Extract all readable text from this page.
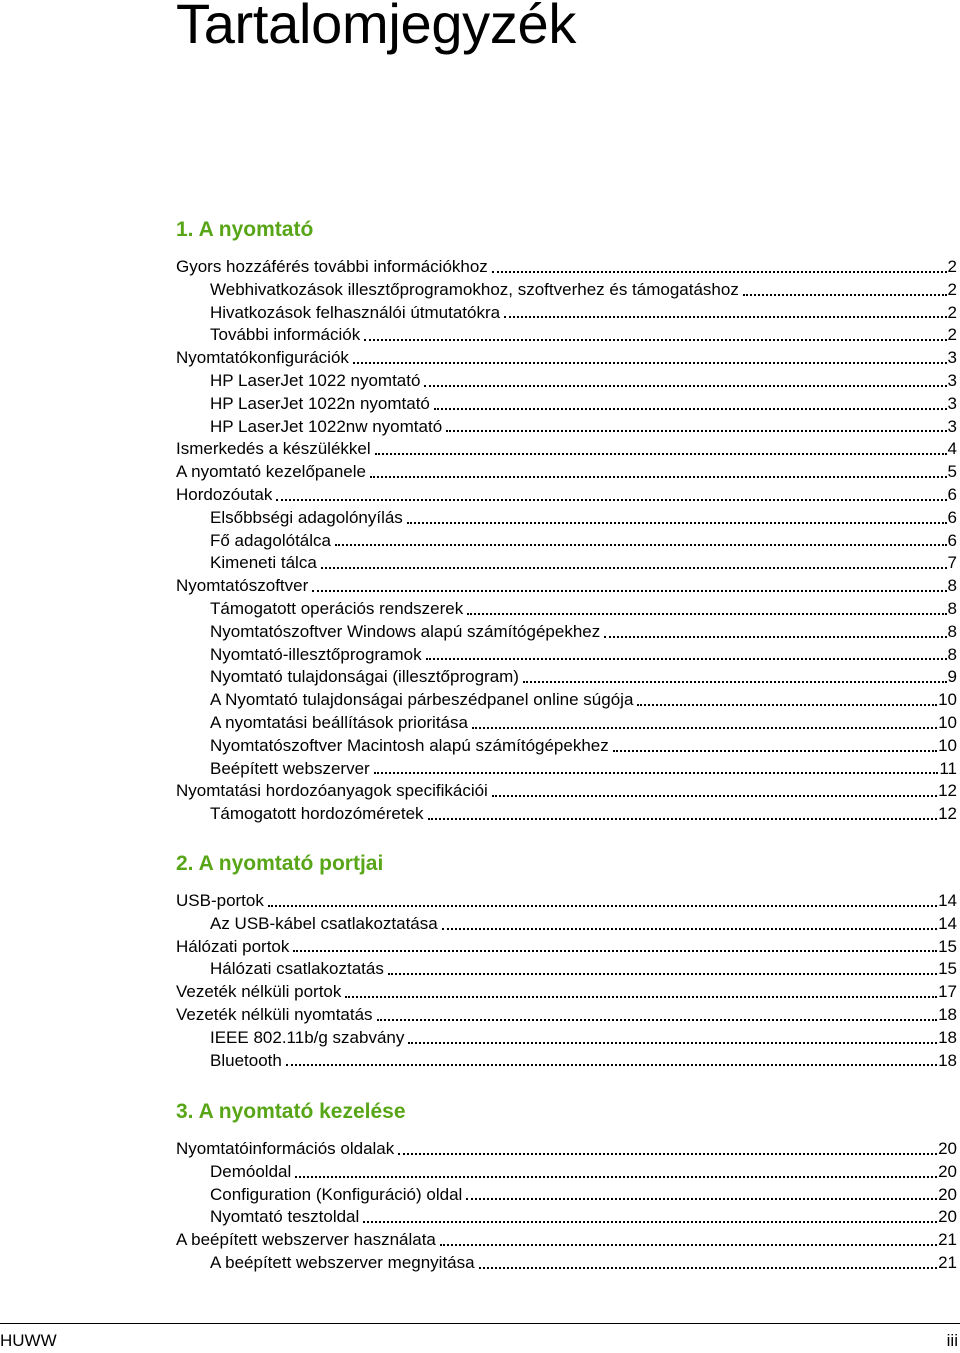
Tartalomjegyzék
1. A nyomtató
Gyors hozzáférés további információkhoz	2
Webhivatkozások illesztőprogramokhoz, szoftverhez és támogatáshoz	2
Hivatkozások felhasználói útmutatókra	2
További információk	2
Nyomtatókonfigurációk	3
HP LaserJet 1022 nyomtató	3
HP LaserJet 1022n nyomtató	3
HP LaserJet 1022nw nyomtató	3
Ismerkedés a készülékkel	4
A nyomtató kezelőpanele	5
Hordozóutak	6
Elsőbbségi adagolónyílás	6
Fő adagolótálca	6
Kimeneti tálca	7
Nyomtatószoftver	8
Támogatott operációs rendszerek	8
Nyomtatószoftver Windows alapú számítógépekhez	8
Nyomtató-illesztőprogramok	8
Nyomtató tulajdonságai (illesztőprogram)	9
A Nyomtató tulajdonságai párbeszédpanel online súgója	10
A nyomtatási beállítások prioritása	10
Nyomtatószoftver Macintosh alapú számítógépekhez	10
Beépített webszerver	11
Nyomtatási hordozóanyagok specifikációi	12
Támogatott hordozóméretek	12
2. A nyomtató portjai
USB-portok	14
Az USB-kábel csatlakoztatása	14
Hálózati portok	15
Hálózati csatlakoztatás	15
Vezeték nélküli portok	17
Vezeték nélküli nyomtatás	18
IEEE 802.11b/g szabvány	18
Bluetooth	18
3. A nyomtató kezelése
Nyomtatóinformációs oldalak	20
Demóoldal	20
Configuration (Konfiguráció) oldal	20
Nyomtató tesztoldal	20
A beépített webszerver használata	21
A beépített webszerver megnyitása	21
HUWW	iii
